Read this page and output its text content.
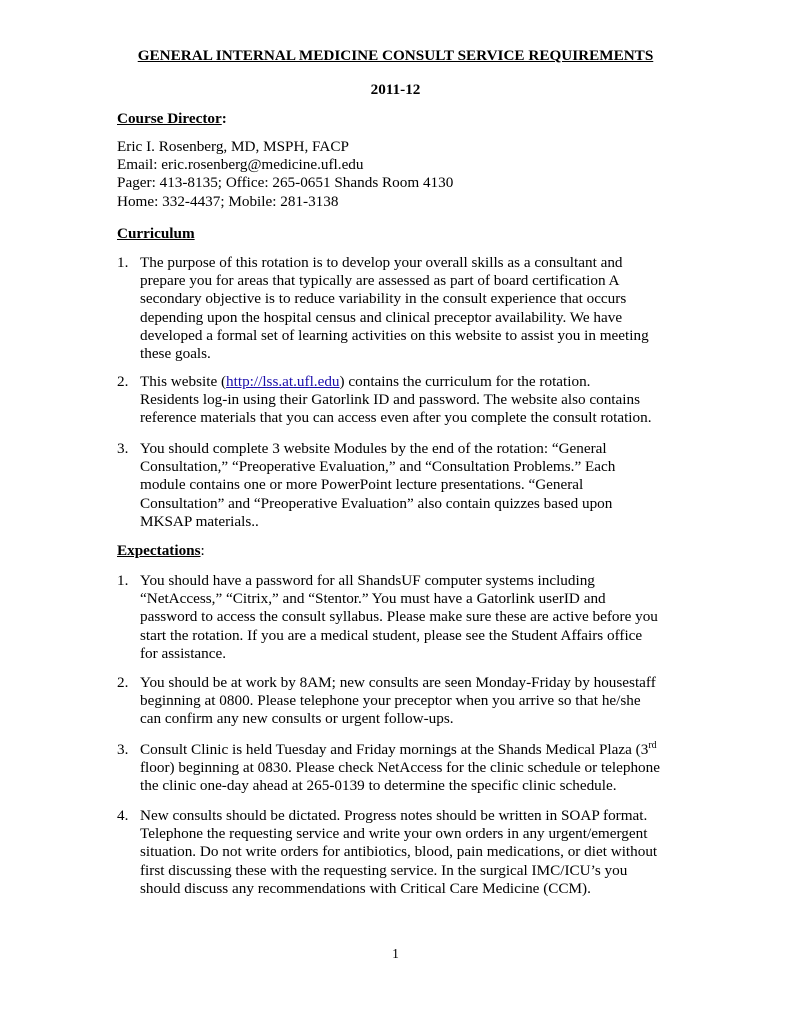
GENERAL INTERNAL MEDICINE CONSULT SERVICE REQUIREMENTS
2011-12
Course Director:
Eric I. Rosenberg, MD, MSPH, FACP
Email: eric.rosenberg@medicine.ufl.edu
Pager: 413-8135; Office: 265-0651 Shands Room 4130
Home: 332-4437; Mobile: 281-3138
Curriculum
1. The purpose of this rotation is to develop your overall skills as a consultant and
prepare you for areas that typically are assessed as part of board certification A
secondary objective is to reduce variability in the consult experience that occurs
depending upon the hospital census and clinical preceptor availability. We have
developed a formal set of learning activities on this website to assist you in meeting
these goals.
2. This website (http://lss.at.ufl.edu) contains the curriculum for the rotation.
Residents log-in using their Gatorlink ID and password. The website also contains
reference materials that you can access even after you complete the consult rotation.
3. You should complete 3 website Modules by the end of the rotation: “General
Consultation,” “Preoperative Evaluation,” and “Consultation Problems.” Each
module contains one or more PowerPoint lecture presentations. “General
Consultation” and “Preoperative Evaluation” also contain quizzes based upon
MKSAP materials..
Expectations:
1. You should have a password for all ShandsUF computer systems including
“NetAccess,” “Citrix,” and “Stentor.” You must have a Gatorlink userID and
password to access the consult syllabus. Please make sure these are active before you
start the rotation. If you are a medical student, please see the Student Affairs office
for assistance.
2. You should be at work by 8AM; new consults are seen Monday-Friday by housestaff
beginning at 0800. Please telephone your preceptor when you arrive so that he/she
can confirm any new consults or urgent follow-ups.
3. Consult Clinic is held Tuesday and Friday mornings at the Shands Medical Plaza (3rd
floor) beginning at 0830. Please check NetAccess for the clinic schedule or telephone
the clinic one-day ahead at 265-0139 to determine the specific clinic schedule.
4. New consults should be dictated. Progress notes should be written in SOAP format.
Telephone the requesting service and write your own orders in any urgent/emergent
situation. Do not write orders for antibiotics, blood, pain medications, or diet without
first discussing these with the requesting service. In the surgical IMC/ICU’s you
should discuss any recommendations with Critical Care Medicine (CCM).
1
